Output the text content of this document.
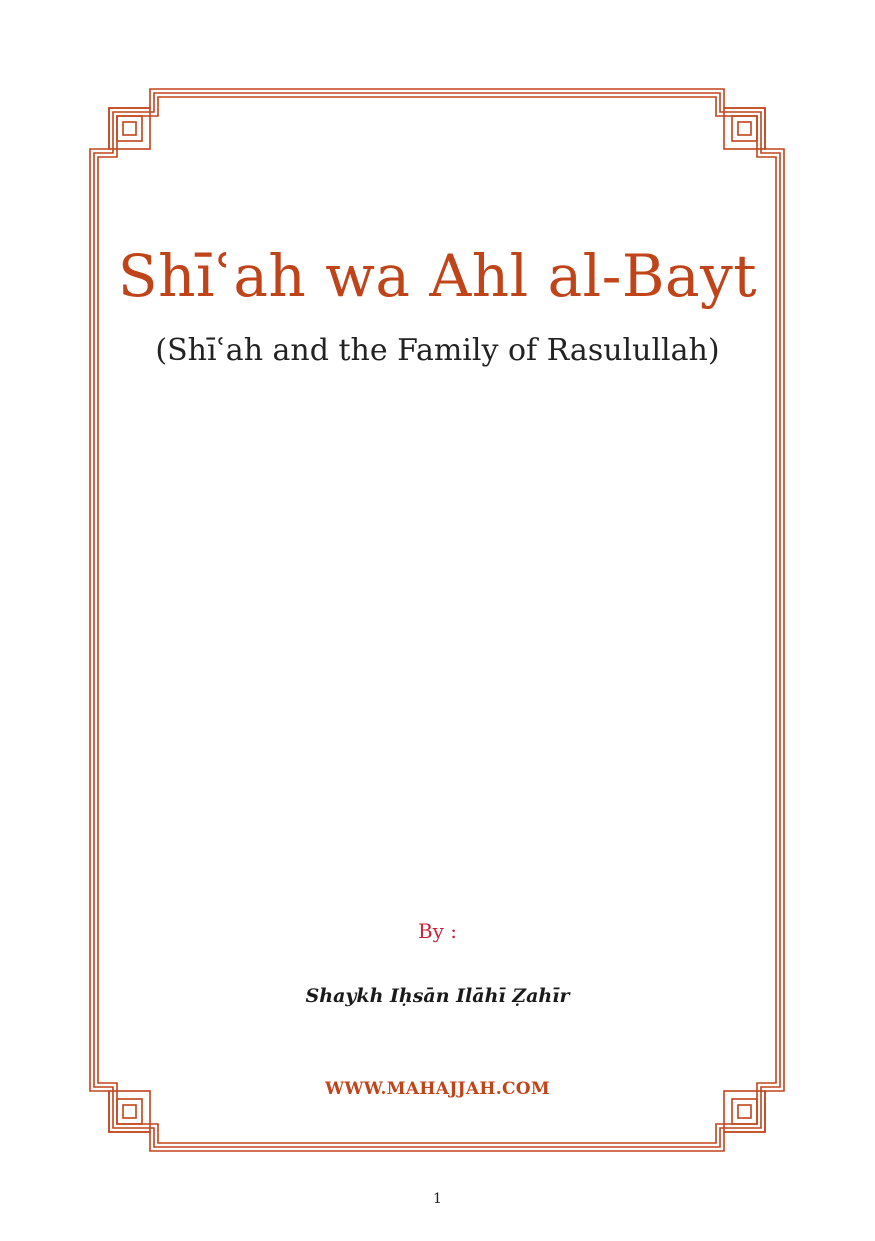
Shīʿah wa Ahl al-Bayt
(Shīʿah and the Family of Rasulullah)
By :
Shaykh Iḥsān Ilāhī Ẓahīr
WWW.MAHAJJAH.COM
1
